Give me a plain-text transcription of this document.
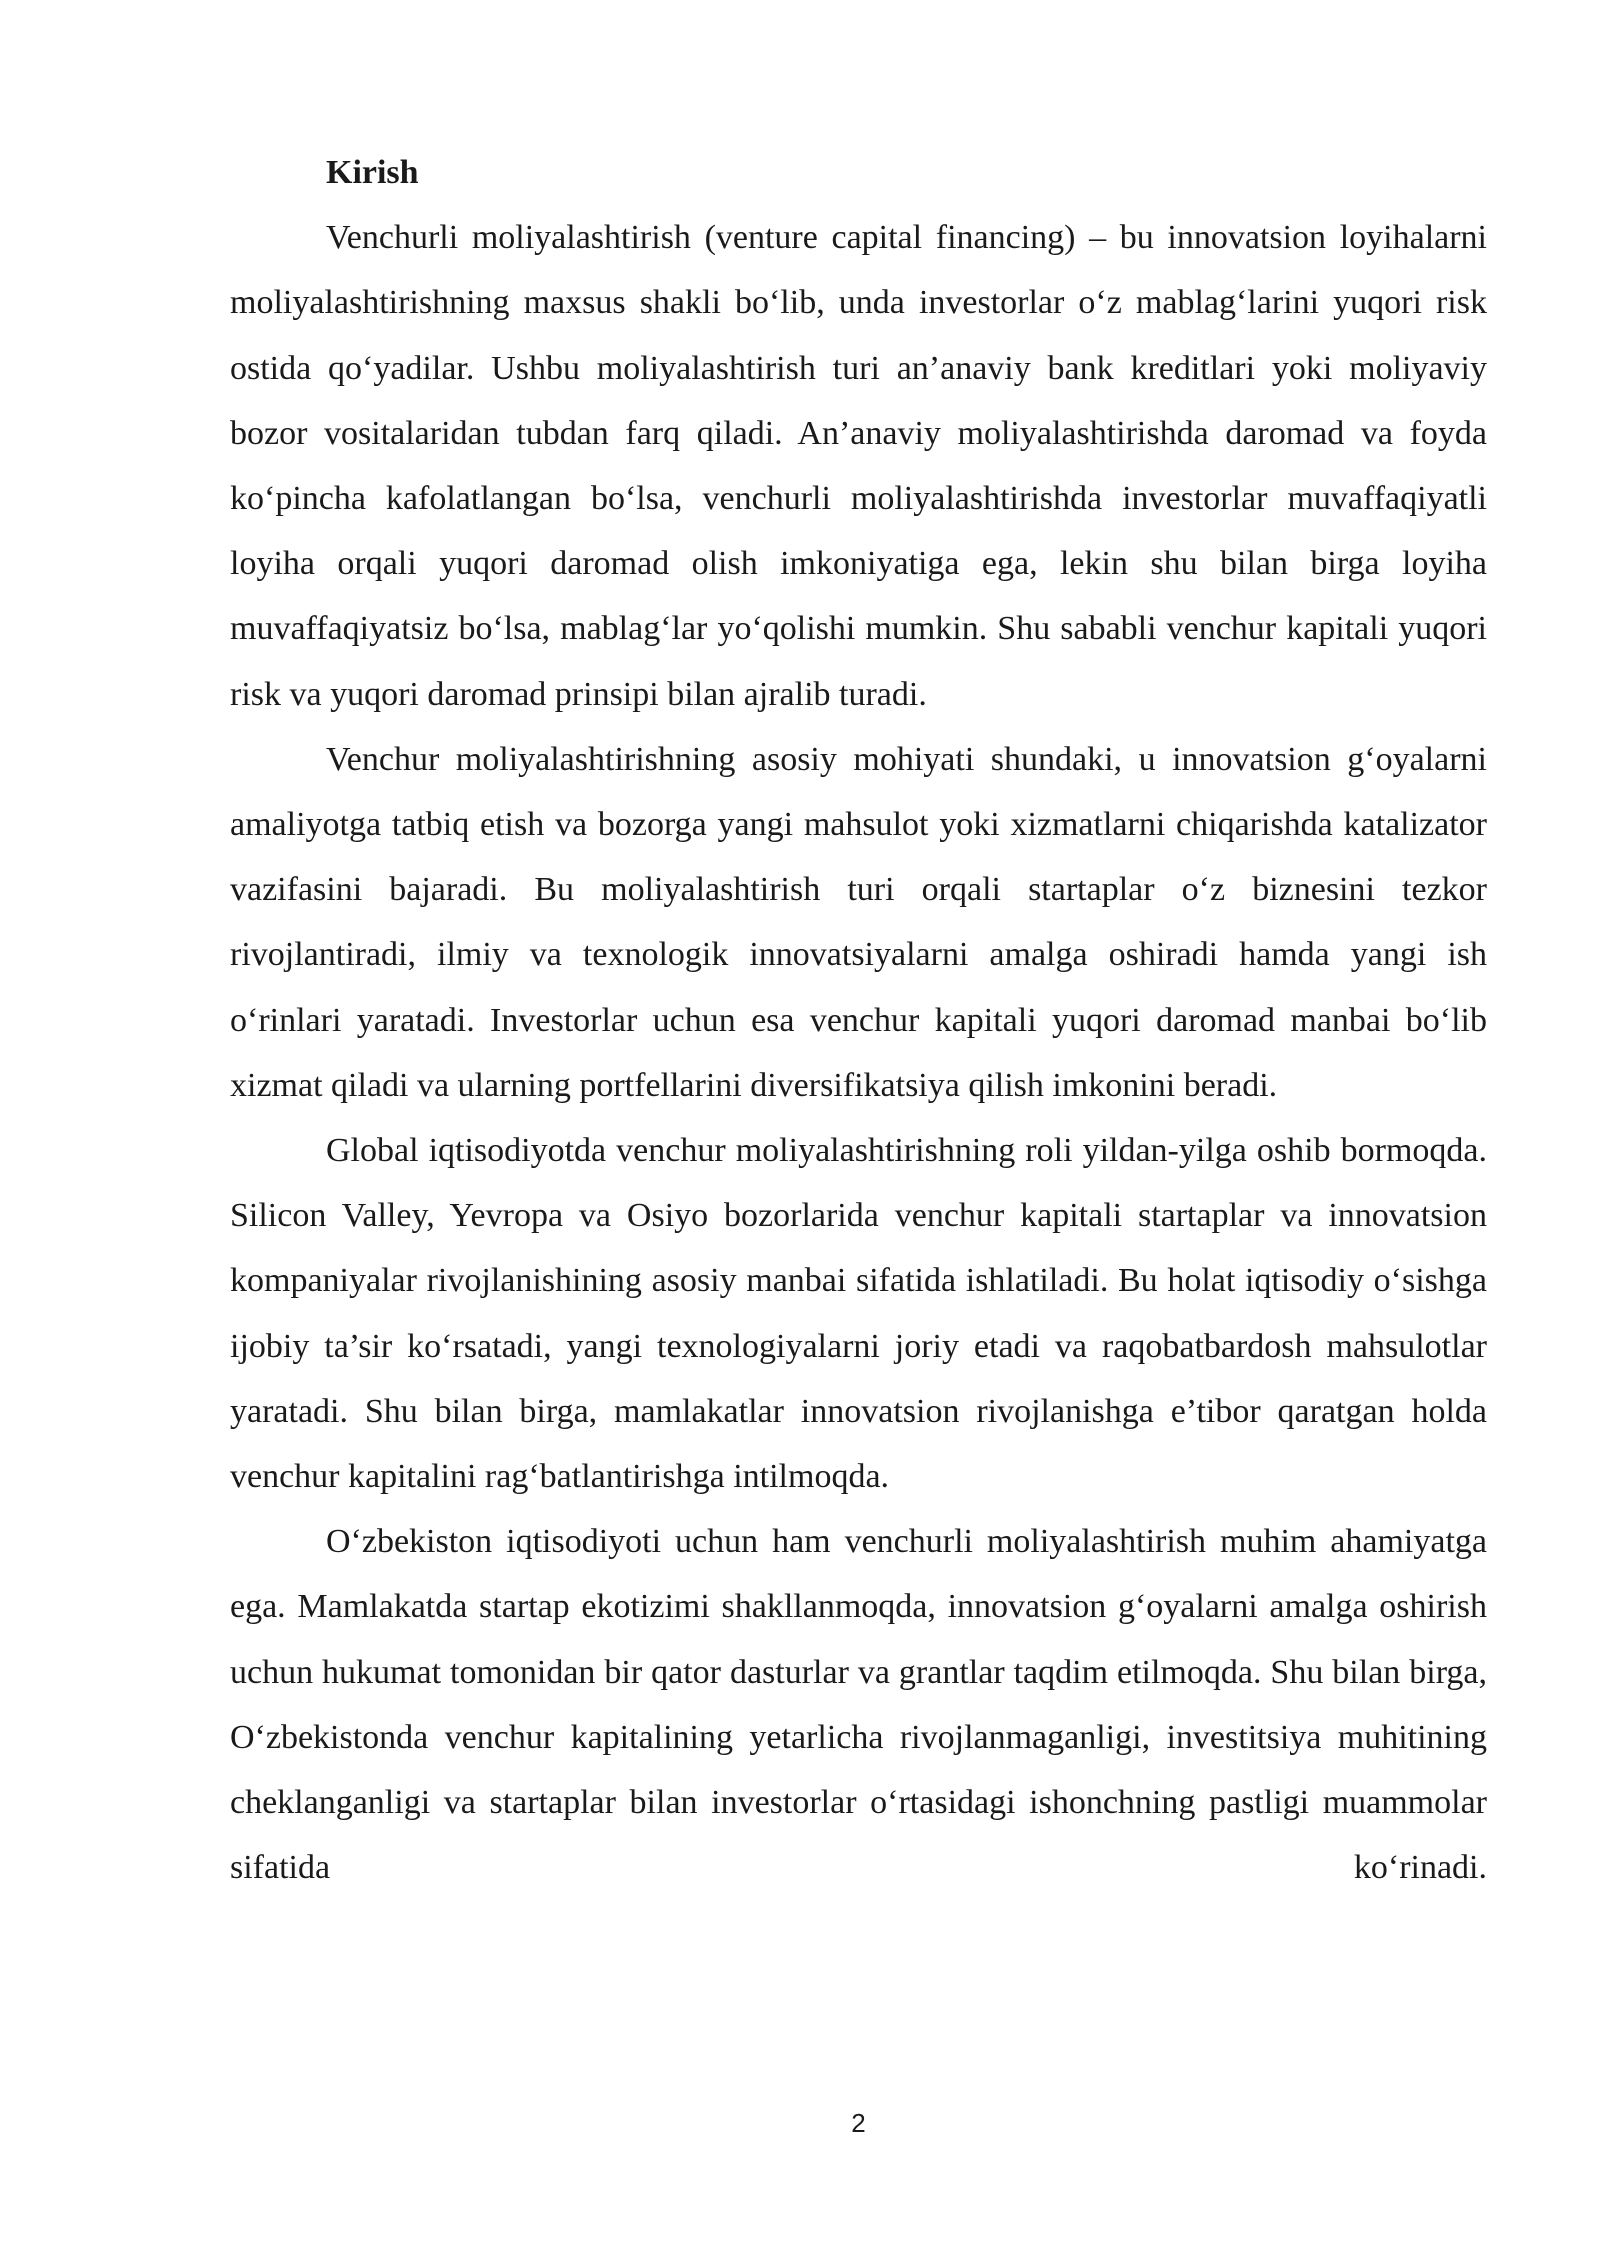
Kirish

Venchurli moliyalashtirish (venture capital financing) – bu innovatsion loyihalarni moliyalashtirishning maxsus shakli bo‘lib, unda investorlar o‘z mablag‘larini yuqori risk ostida qo‘yadilar. Ushbu moliyalashtirish turi an’anaviy bank kreditlari yoki moliyaviy bozor vositalaridan tubdan farq qiladi. An’anaviy moliyalashtirishda daromad va foyda ko‘pincha kafolatlangan bo‘lsa, venchurli moliyalashtirishda investorlar muvaffaqiyatli loyiha orqali yuqori daromad olish imkoniyatiga ega, lekin shu bilan birga loyiha muvaffaqiyatsiz bo‘lsa, mablag‘lar yo‘qolishi mumkin. Shu sababli venchur kapitali yuqori risk va yuqori daromad prinsipi bilan ajralib turadi.

Venchur moliyalashtirishning asosiy mohiyati shundaki, u innovatsion g‘oyalarni amaliyotga tatbiq etish va bozorga yangi mahsulot yoki xizmatlarni chiqarishda katalizator vazifasini bajaradi. Bu moliyalashtirish turi orqali startaplar o‘z biznesini tezkor rivojlantiradi, ilmiy va texnologik innovatsiyalarni amalga oshiradi hamda yangi ish o‘rinlari yaratadi. Investorlar uchun esa venchur kapitali yuqori daromad manbai bo‘lib xizmat qiladi va ularning portfellarini diversifikatsiya qilish imkonini beradi.

Global iqtisodiyotda venchur moliyalashtirishning roli yildan-yilga oshib bormoqda. Silicon Valley, Yevropa va Osiyo bozorlarida venchur kapitali startaplar va innovatsion kompaniyalar rivojlanishining asosiy manbai sifatida ishlatiladi. Bu holat iqtisodiy o‘sishga ijobiy ta’sir ko‘rsatadi, yangi texnologiyalarni joriy etadi va raqobatbardosh mahsulotlar yaratadi. Shu bilan birga, mamlakatlar innovatsion rivojlanishga e’tibor qaratgan holda venchur kapitalini rag‘batlantirishga intilmoqda.

O‘zbekiston iqtisodiyoti uchun ham venchurli moliyalashtirish muhim ahamiyatga ega. Mamlakatda startap ekotizimi shakllanmoqda, innovatsion g‘oyalarni amalga oshirish uchun hukumat tomonidan bir qator dasturlar va grantlar taqdim etilmoqda. Shu bilan birga, O‘zbekistonda venchur kapitalining yetarlicha rivojlanmaganligi, investitsiya muhitining cheklanganligi va startaplar bilan investorlar o‘rtasidagi ishonchning pastligi muammolar sifatida ko‘rinadi.

2
